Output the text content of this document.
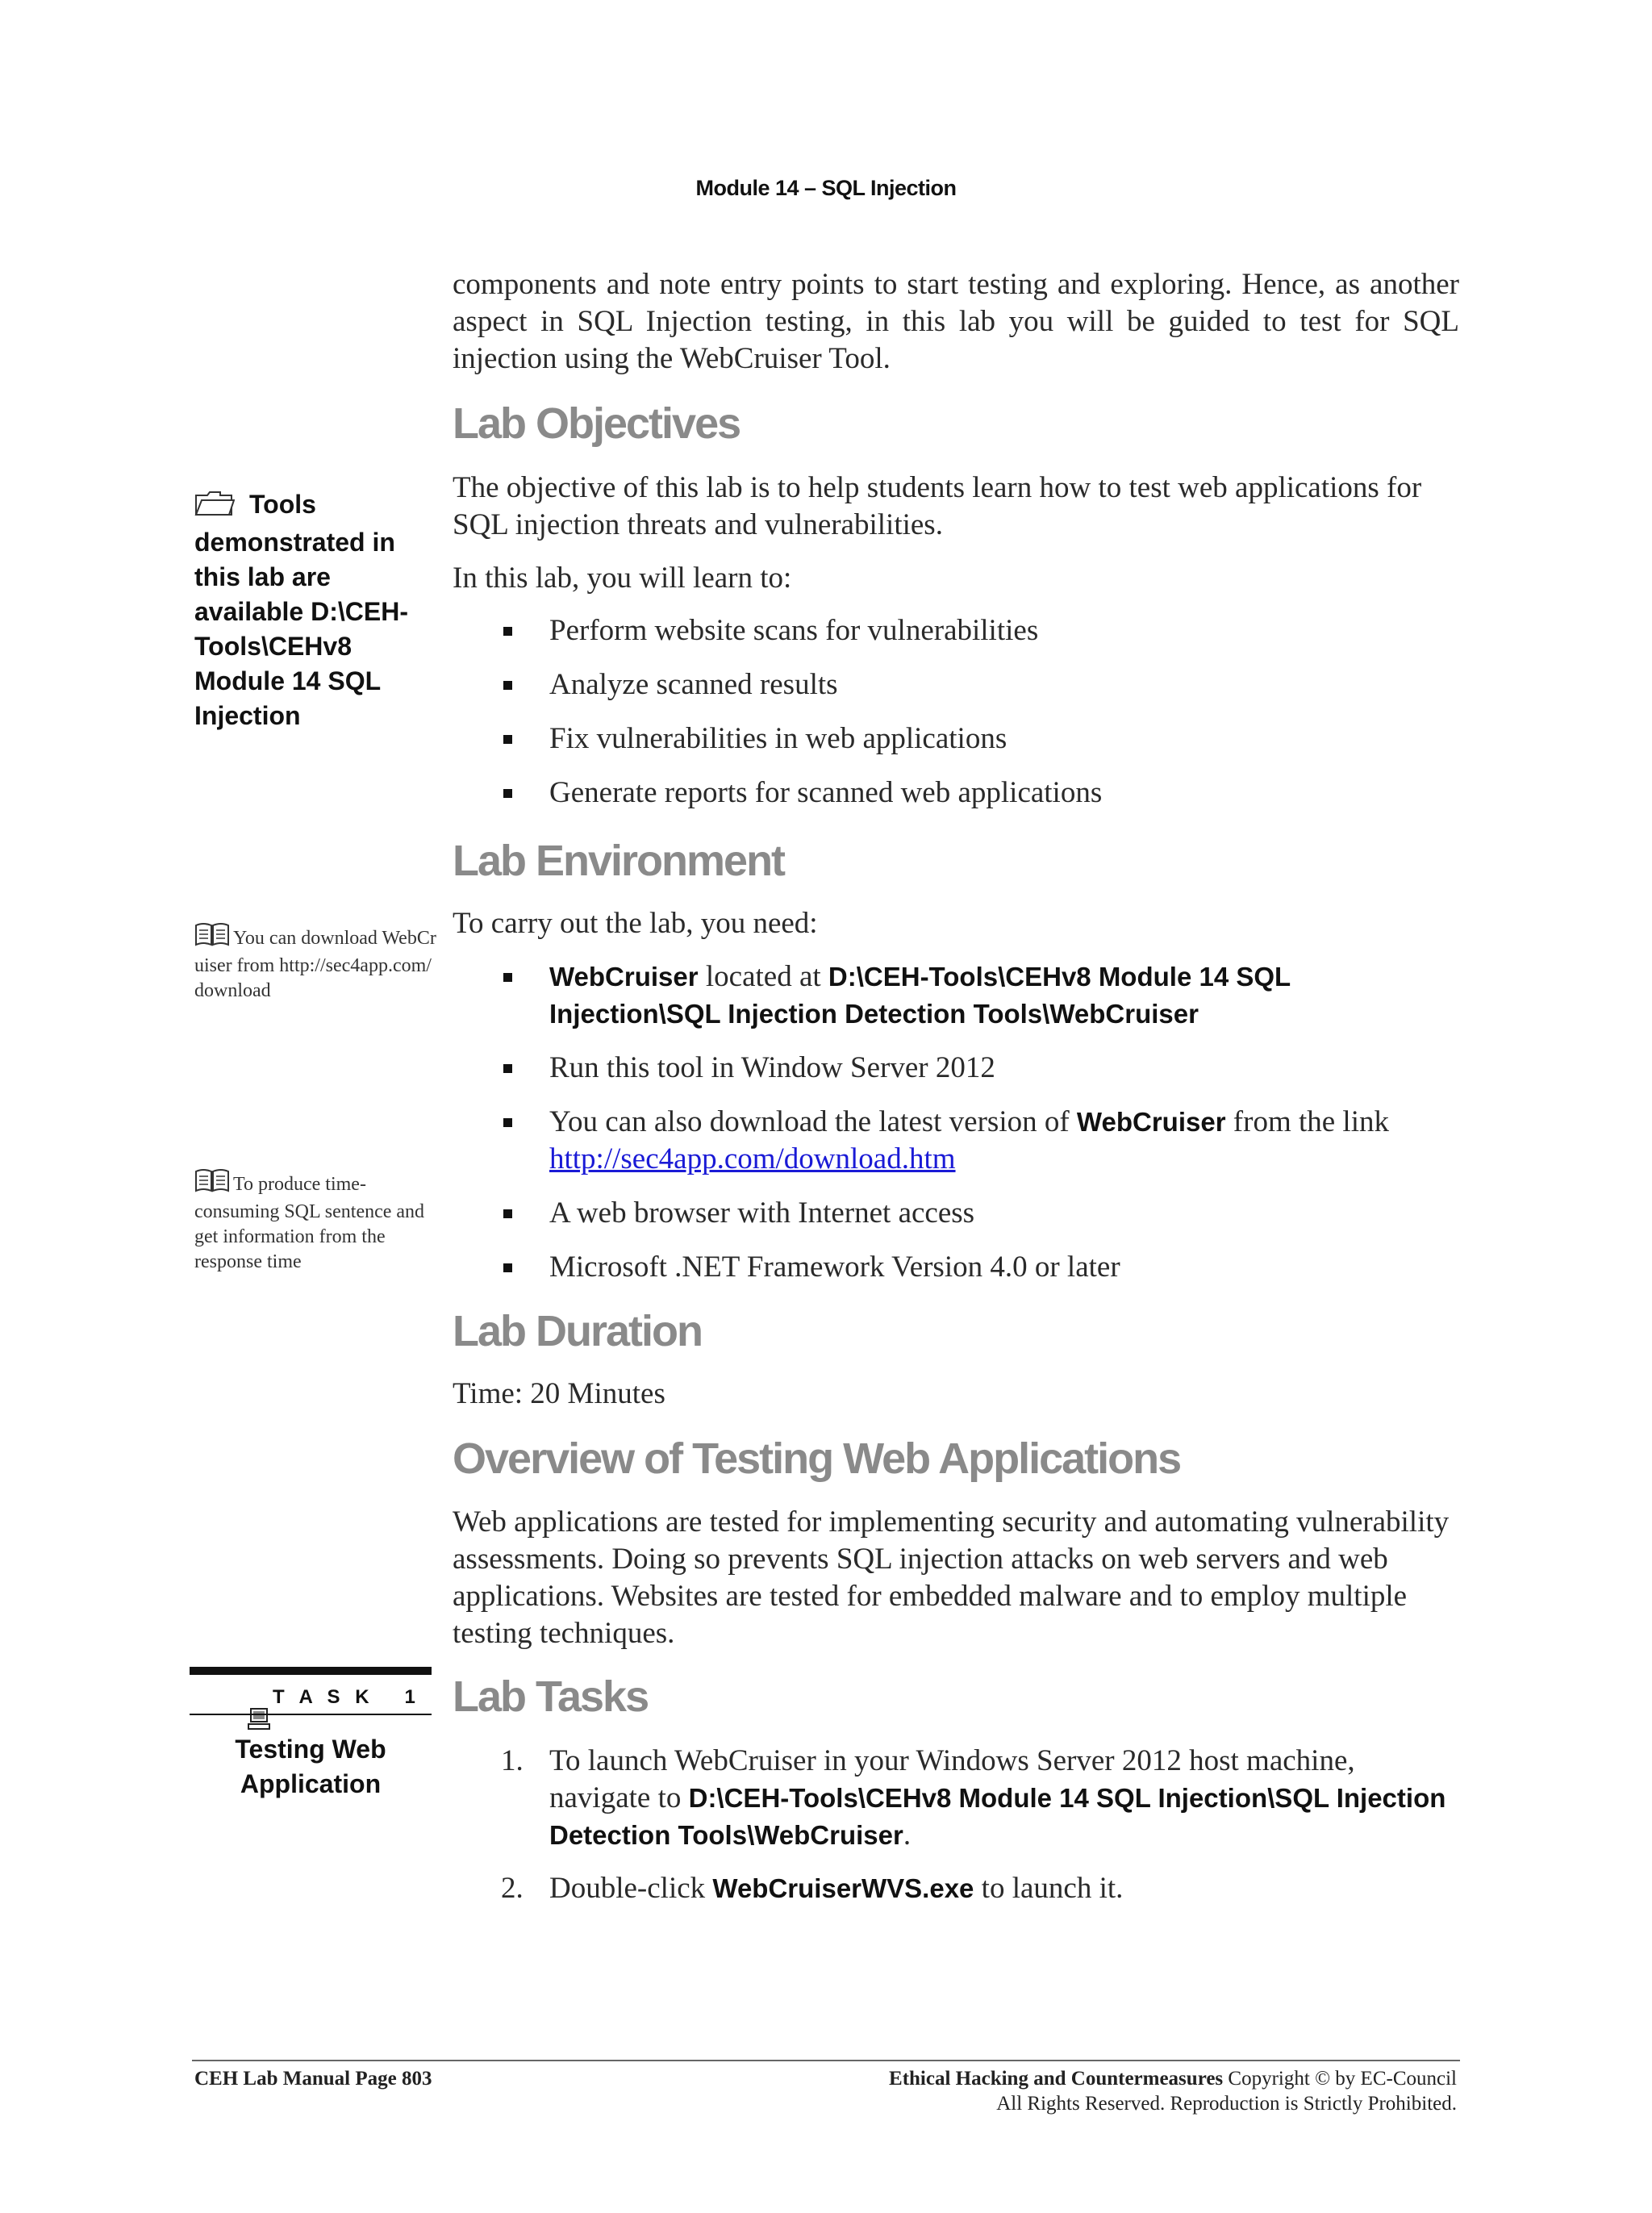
Module 14 – SQL Injection
components and note entry points to start testing and exploring. Hence, as another aspect in SQL Injection testing, in this lab you will be guided to test for SQL injection using the WebCruiser Tool.
Lab Objectives
The objective of this lab is to help students learn how to test web applications for SQL injection threats and vulnerabilities.
In this lab, you will learn to:
Perform website scans for vulnerabilities
Analyze scanned results
Fix vulnerabilities in web applications
Generate reports for scanned web applications
Tools demonstrated in this lab are available D:\CEH-Tools\CEHv8 Module 14 SQL Injection
Lab Environment
To carry out the lab, you need:
WebCruiser located at D:\CEH-Tools\CEHv8 Module 14 SQL Injection\SQL Injection Detection Tools\WebCruiser
Run this tool in Window Server 2012
You can also download the latest version of WebCruiser from the link http://sec4app.com/download.htm
A web browser with Internet access
Microsoft .NET Framework Version 4.0 or later
You can download WebCruiser from http://sec4app.com/download
To produce time-consuming SQL sentence and get information from the response time
Lab Duration
Time: 20 Minutes
Overview of Testing Web Applications
Web applications are tested for implementing security and automating vulnerability assessments. Doing so prevents SQL injection attacks on web servers and web applications. Websites are tested for embedded malware and to employ multiple testing techniques.

T A S K   1

Testing Web Application
Lab Tasks
1. To launch WebCruiser in your Windows Server 2012 host machine, navigate to D:\CEH-Tools\CEHv8 Module 14 SQL Injection\SQL Injection Detection Tools\WebCruiser.
2. Double-click WebCruiserWVS.exe to launch it.
CEH Lab Manual Page 803	Ethical Hacking and Countermeasures Copyright © by EC-Council
All Rights Reserved. Reproduction is Strictly Prohibited.
